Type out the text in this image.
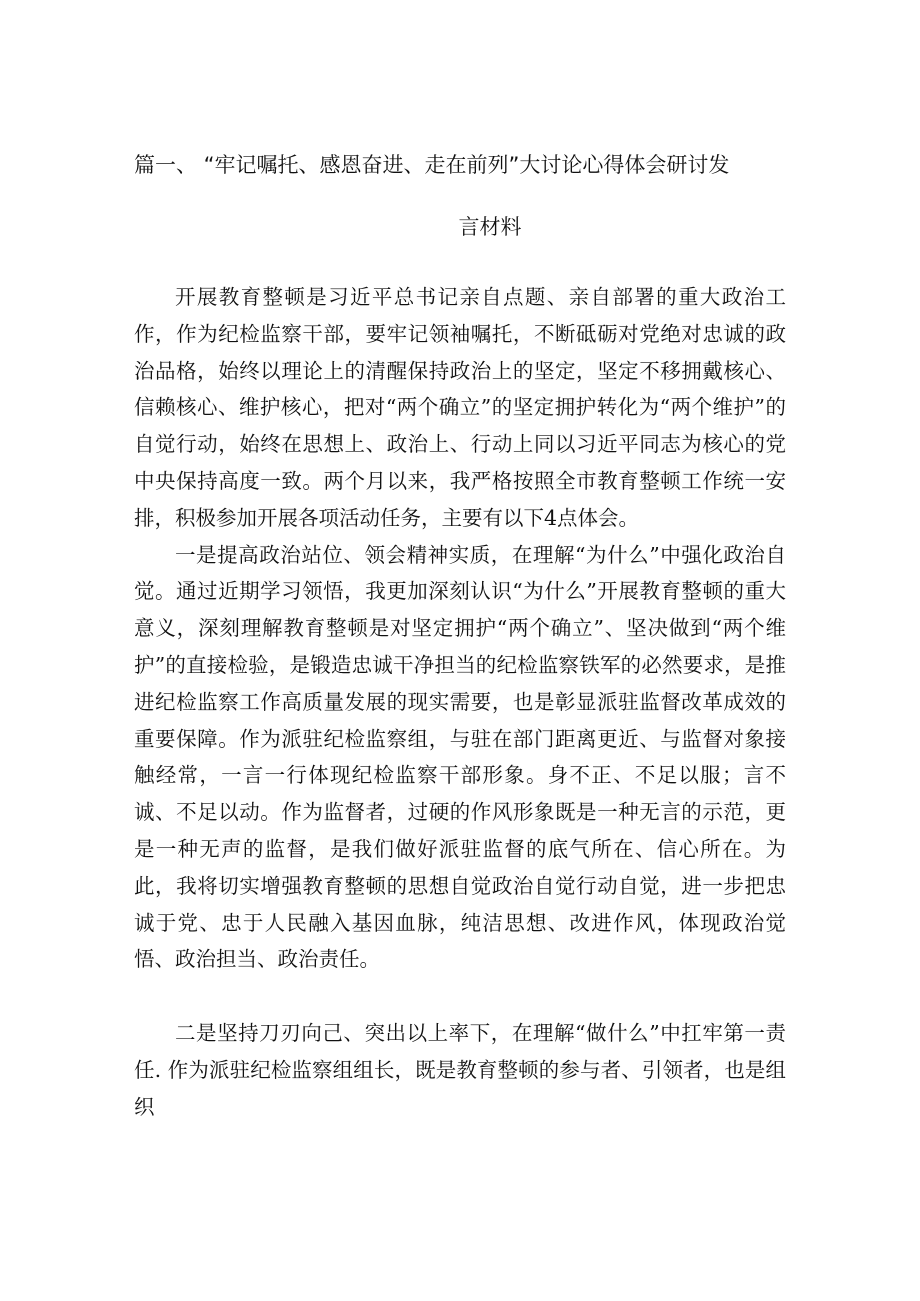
篇一、 “牢记嘱托、感恩奋进、走在前列”大讨论心得体会研讨发
言材料

开展教育整顿是习近平总书记亲自点题、亲自部署的重大政治工作，作为纪检监察干部，要牢记领袖嘱托，不断砥砺对党绝对忠诚的政治品格，始终以理论上的清醒保持政治上的坚定，坚定不移拥戴核心、信赖核心、维护核心，把对“两个确立”的坚定拥护转化为“两个维护”的自觉行动，始终在思想上、政治上、行动上同以习近平同志为核心的党中央保持高度一致。两个月以来，我严格按照全市教育整顿工作统一安排，积极参加开展各项活动任务，主要有以下4点体会。

一是提高政治站位、领会精神实质，在理解“为什么”中强化政治自觉。通过近期学习领悟，我更加深刻认识“为什么”开展教育整顿的重大意义，深刻理解教育整顿是对坚定拥护“两个确立”、坚决做到“两个维护”的直接检验，是锻造忠诚干净担当的纪检监察铁军的必然要求，是推进纪检监察工作高质量发展的现实需要，也是彰显派驻监督改革成效的重要保障。作为派驻纪检监察组，与驻在部门距离更近、与监督对象接触经常，一言一行体现纪检监察干部形象。身不正、不足以服；言不诚、不足以动。作为监督者，过硬的作风形象既是一种无言的示范，更是一种无声的监督，是我们做好派驻监督的底气所在、信心所在。为此，我将切实增强教育整顿的思想自觉政治自觉行动自觉，进一步把忠诚于党、忠于人民融入基因血脉，纯洁思想、改进作风，体现政治觉悟、政治担当、政治责任。

二是坚持刀刃向己、突出以上率下，在理解“做什么”中扛牢第一责任. 作为派驻纪检监察组组长，既是教育整顿的参与者、引领者，也是组织
